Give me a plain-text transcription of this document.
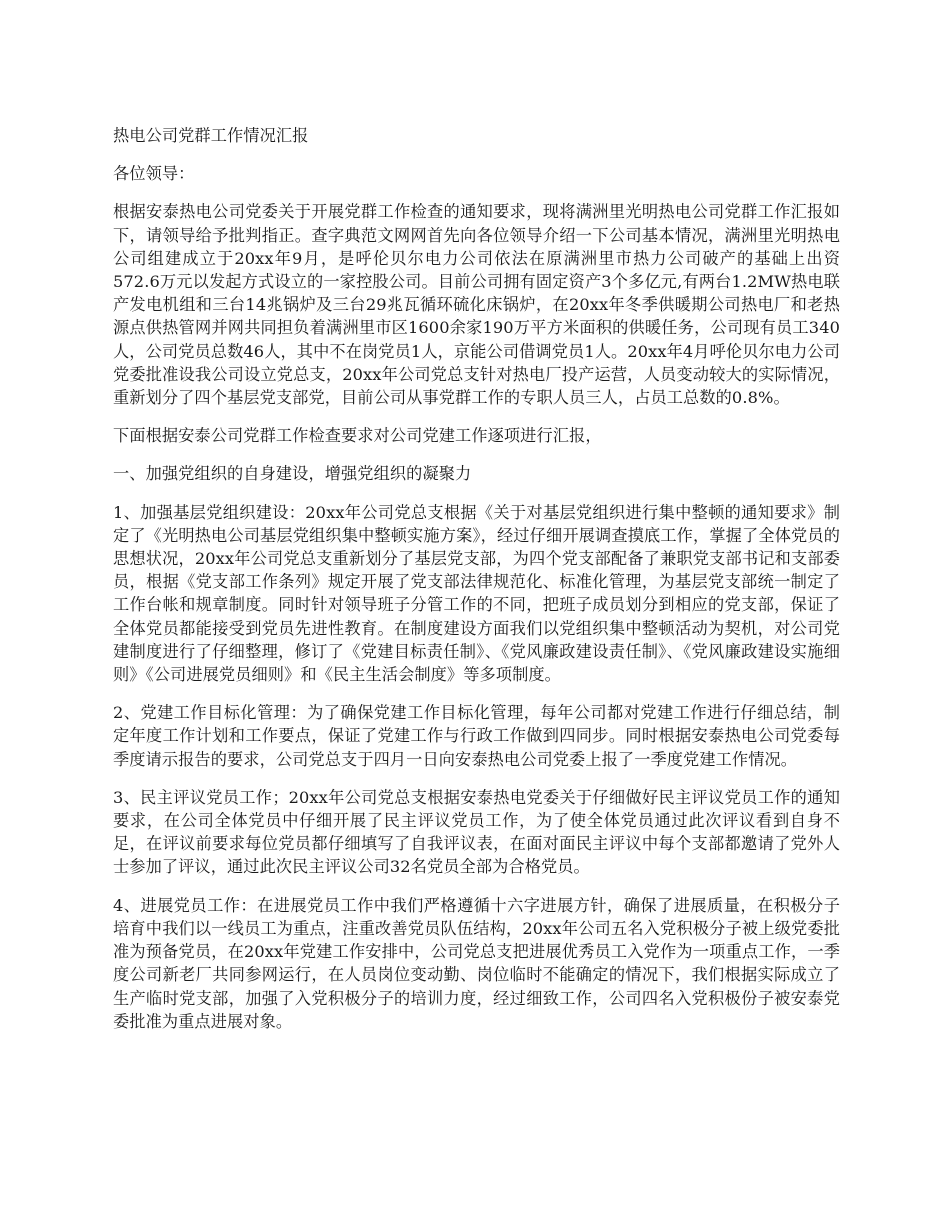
热电公司党群工作情况汇报

各位领导：

根据安泰热电公司党委关于开展党群工作检查的通知要求，现将满洲里光明热电公司党群工作汇报如下，请领导给予批判指正。查字典范文网网首先向各位领导介绍一下公司基本情况，满洲里光明热电公司组建成立于20xx年9月，是呼伦贝尔电力公司依法在原满洲里市热力公司破产的基础上出资572.6万元以发起方式设立的一家控股公司。目前公司拥有固定资产3个多亿元,有两台1.2MW热电联产发电机组和三台14兆锅炉及三台29兆瓦循环硫化床锅炉，在20xx年冬季供暖期公司热电厂和老热源点供热管网并网共同担负着满洲里市区1600余家190万平方米面积的供暖任务，公司现有员工340人，公司党员总数46人，其中不在岗党员1人，京能公司借调党员1人。20xx年4月呼伦贝尔电力公司党委批准设我公司设立党总支，20xx年公司党总支针对热电厂投产运营，人员变动较大的实际情况，重新划分了四个基层党支部党，目前公司从事党群工作的专职人员三人，占员工总数的0.8%。

下面根据安泰公司党群工作检查要求对公司党建工作逐项进行汇报，

一、加强党组织的自身建设，增强党组织的凝聚力

1、加强基层党组织建设：20xx年公司党总支根据《关于对基层党组织进行集中整顿的通知要求》制定了《光明热电公司基层党组织集中整顿实施方案》，经过仔细开展调查摸底工作，掌握了全体党员的思想状况，20xx年公司党总支重新划分了基层党支部，为四个党支部配备了兼职党支部书记和支部委员，根据《党支部工作条列》规定开展了党支部法律规范化、标准化管理，为基层党支部统一制定了工作台帐和规章制度。同时针对领导班子分管工作的不同，把班子成员划分到相应的党支部，保证了全体党员都能接受到党员先进性教育。在制度建设方面我们以党组织集中整顿活动为契机，对公司党建制度进行了仔细整理，修订了《党建目标责任制》、《党风廉政建设责任制》、《党风廉政建设实施细则》《公司进展党员细则》和《民主生活会制度》等多项制度。

2、党建工作目标化管理：为了确保党建工作目标化管理，每年公司都对党建工作进行仔细总结，制定年度工作计划和工作要点，保证了党建工作与行政工作做到四同步。同时根据安泰热电公司党委每季度请示报告的要求，公司党总支于四月一日向安泰热电公司党委上报了一季度党建工作情况。

3、民主评议党员工作；20xx年公司党总支根据安泰热电党委关于仔细做好民主评议党员工作的通知要求，在公司全体党员中仔细开展了民主评议党员工作，为了使全体党员通过此次评议看到自身不足，在评议前要求每位党员都仔细填写了自我评议表，在面对面民主评议中每个支部都邀请了党外人士参加了评议，通过此次民主评议公司32名党员全部为合格党员。

4、进展党员工作：在进展党员工作中我们严格遵循十六字进展方针，确保了进展质量，在积极分子培育中我们以一线员工为重点，注重改善党员队伍结构，20xx年公司五名入党积极分子被上级党委批准为预备党员，在20xx年党建工作安排中，公司党总支把进展优秀员工入党作为一项重点工作，一季度公司新老厂共同参网运行，在人员岗位变动勤、岗位临时不能确定的情况下，我们根据实际成立了生产临时党支部，加强了入党积极分子的培训力度，经过细致工作，公司四名入党积极份子被安泰党委批准为重点进展对象。
